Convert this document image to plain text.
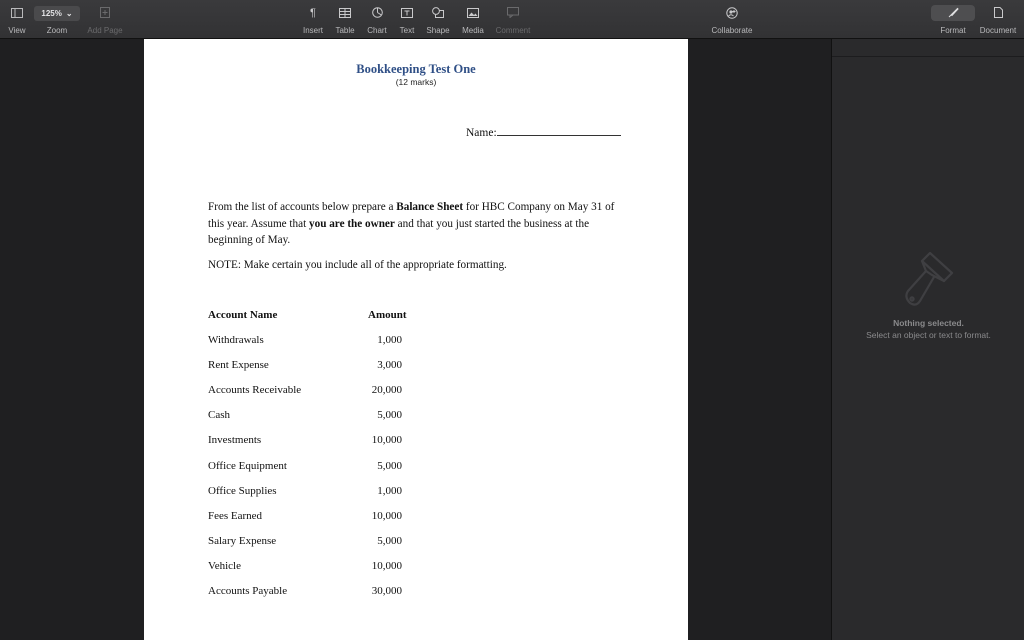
View
125% ⌄
Zoom	Add Page
¶
Insert Table Chart Text Shape Media Comment	Collaborate	Format Document
Bookkeeping Test One
(12 marks)
Name:
From the list of accounts below prepare a Balance Sheet for HBC Company on May 31 of this year. Assume that you are the owner and that you just started the business at the beginning of May.
NOTE: Make certain you include all of the appropriate formatting.
Account Name	Amount
Withdrawals	1,000
Rent Expense	3,000
Accounts Receivable	20,000
Cash	5,000
Investments	10,000
Office Equipment	5,000
Office Supplies	1,000
Fees Earned	10,000
Salary Expense	5,000
Vehicle	10,000
Accounts Payable	30,000
Nothing selected.
Select an object or text to format.
